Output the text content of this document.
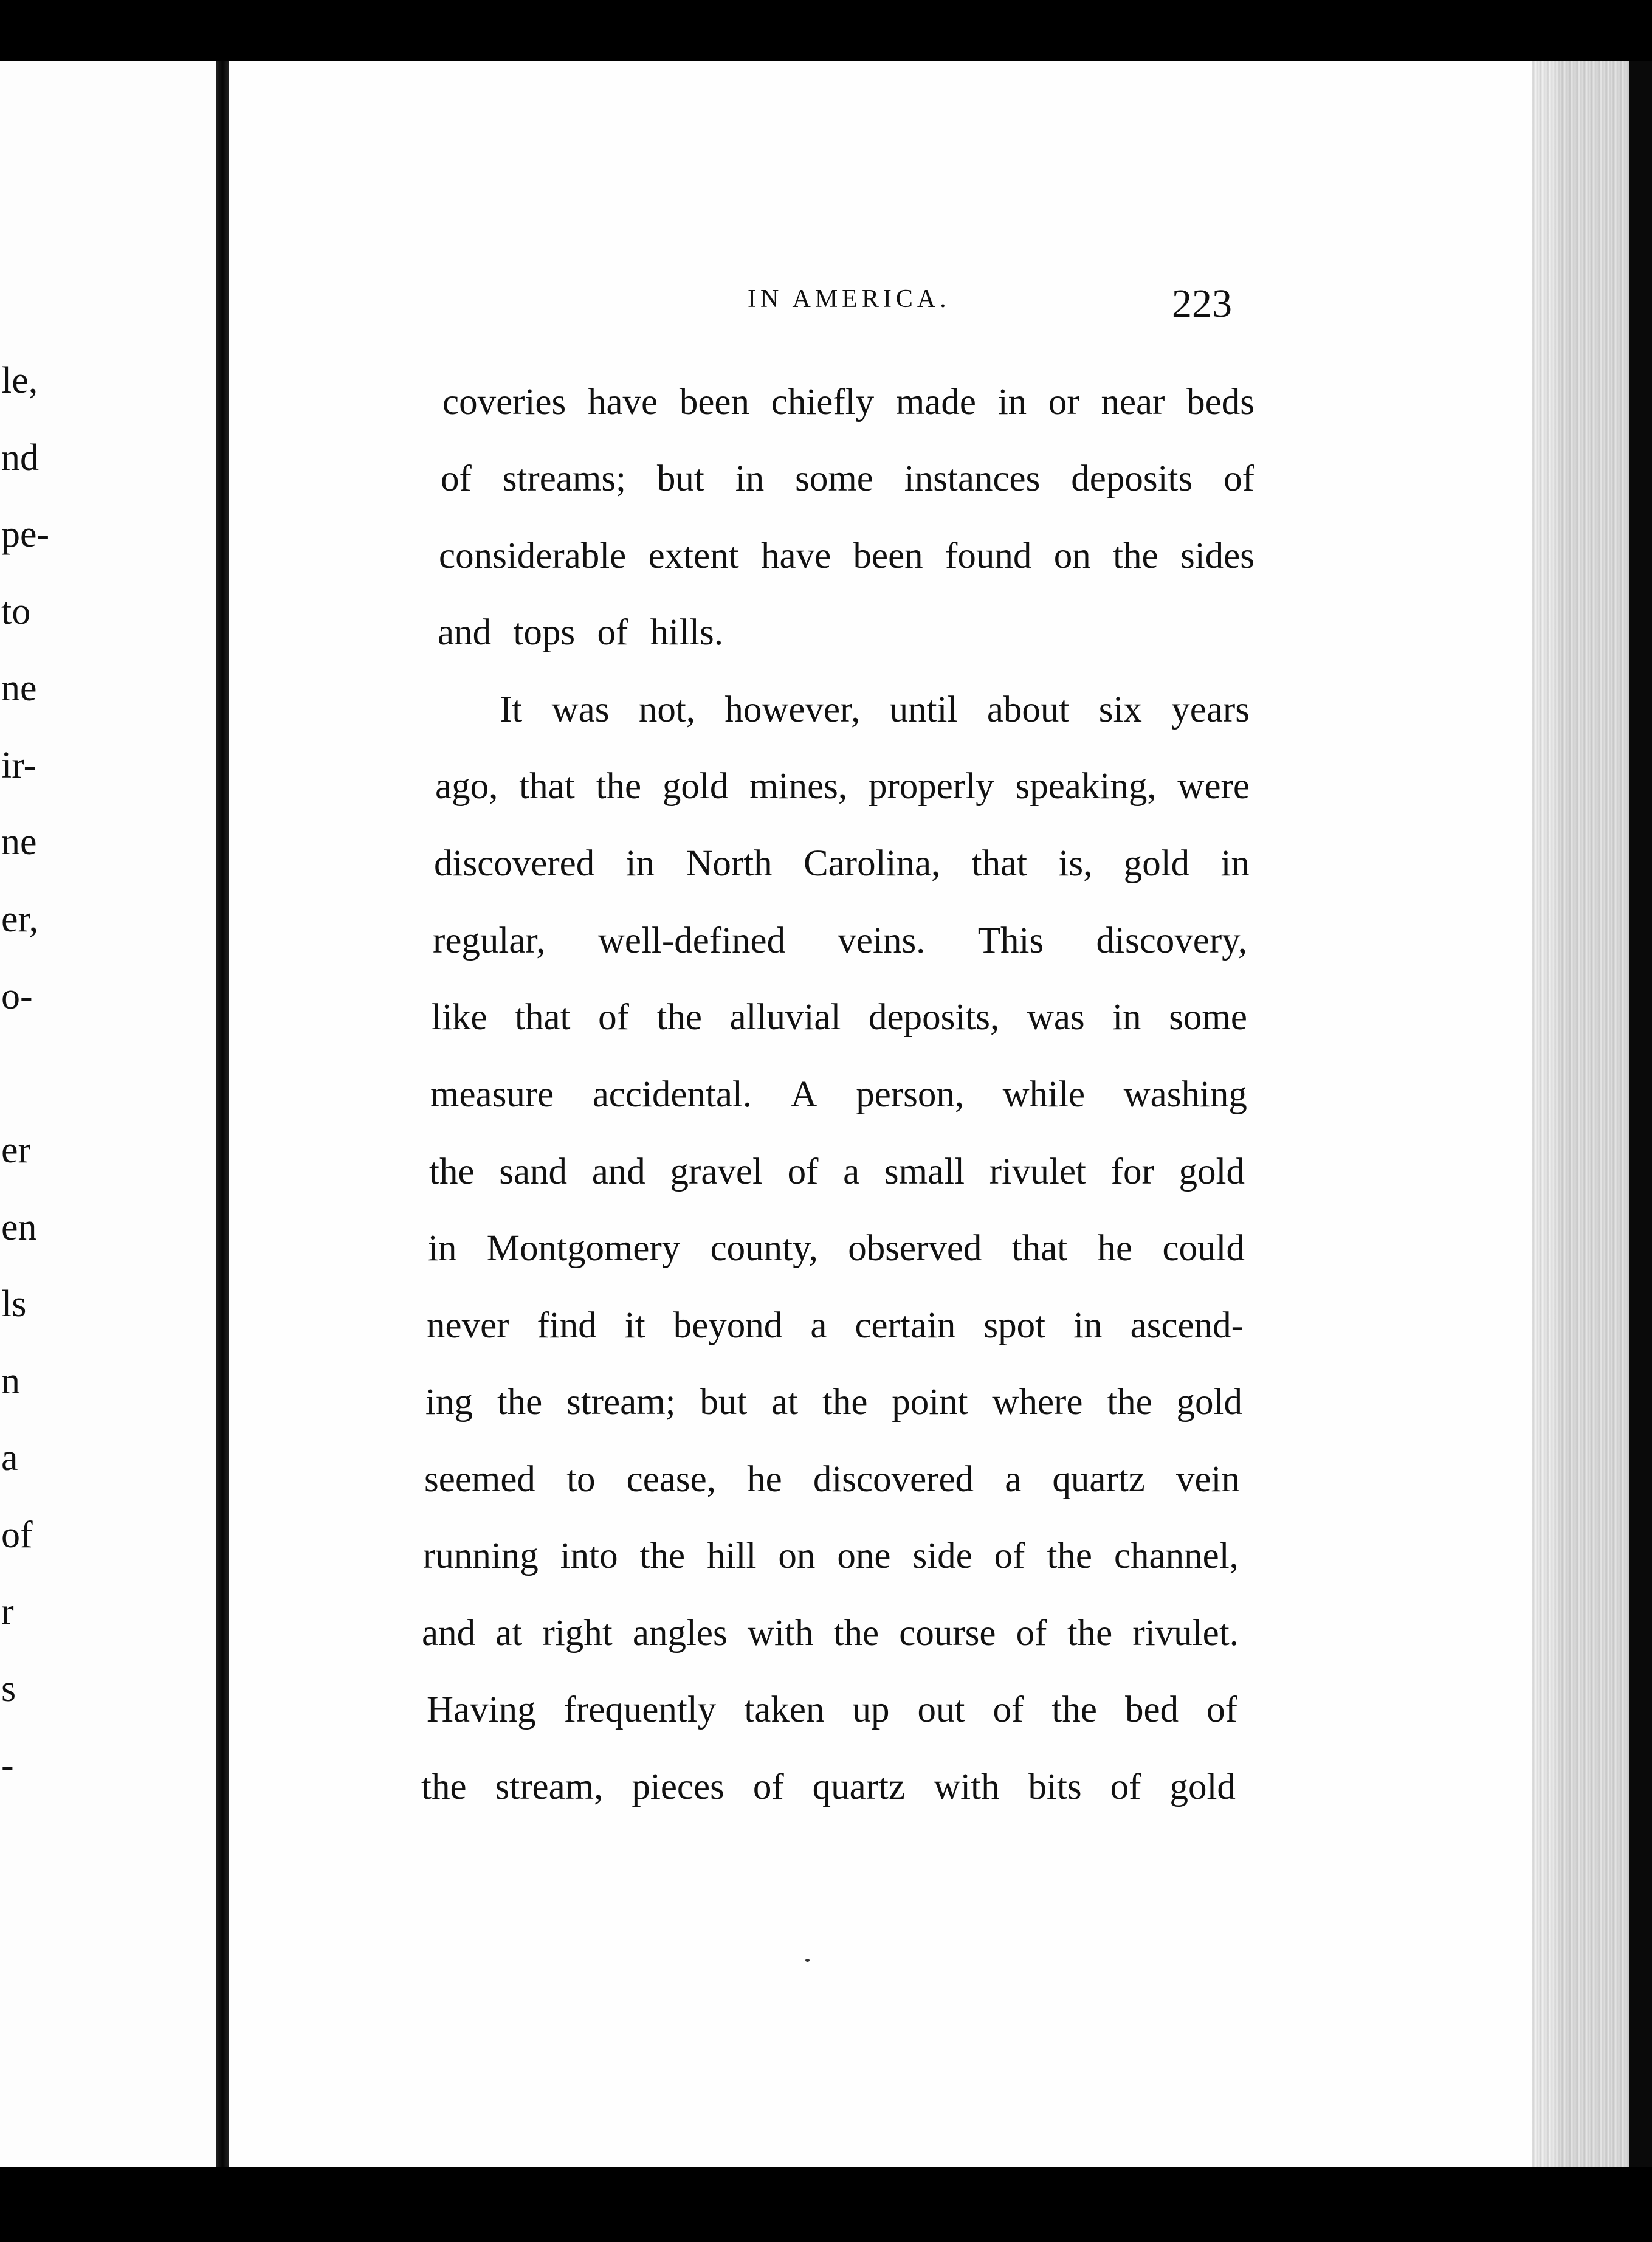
le,
nd
pe-
to
ne
ir-
ne
er,
o-
er
en
ls
n
a
of
r
s
-
IN AMERICA.	223
coveries have been chiefly made in or near beds
of streams; but in some instances deposits of
considerable extent have been found on the sides
and tops of hills.
It was not, however, until about six years
ago, that the gold mines, properly speaking, were
discovered in North Carolina, that is, gold in
regular, well-defined veins. This discovery,
like that of the alluvial deposits, was in some
measure accidental. A person, while washing
the sand and gravel of a small rivulet for gold
in Montgomery county, observed that he could
never find it beyond a certain spot in ascend-
ing the stream; but at the point where the gold
seemed to cease, he discovered a quartz vein
running into the hill on one side of the channel,
and at right angles with the course of the rivulet.
Having frequently taken up out of the bed of
the stream, pieces of quartz with bits of gold
